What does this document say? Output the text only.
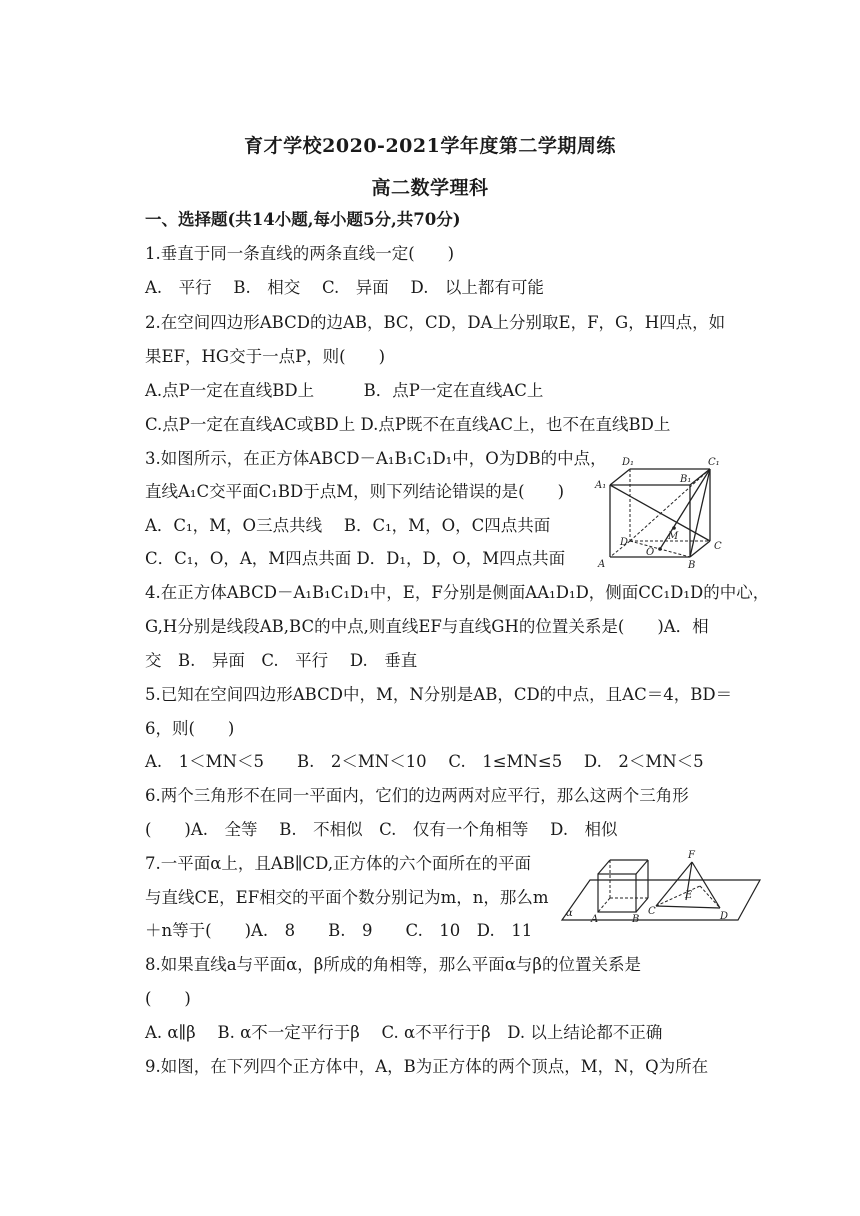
育才学校2020-2021学年度第二学期周练
高二数学理科
一、选择题(共14小题,每小题5分,共70分)
1.垂直于同一条直线的两条直线一定(　　)
A.　平行　 B.　相交　 C.　异面　 D.　以上都有可能
2.在空间四边形ABCD的边AB，BC，CD，DA上分别取E，F，G，H四点，如
果EF，HG交于一点P，则(　　)
A.点P一定在直线BD上　　　B．点P一定在直线AC上
C.点P一定在直线AC或BD上 D.点P既不在直线AC上，也不在直线BD上
3.如图所示，在正方体ABCD－A₁B₁C₁D₁中，O为DB的中点，
直线A₁C交平面C₁BD于点M，则下列结论错误的是(　　)
A．C₁，M，O三点共线　 B．C₁，M，O，C四点共面
C．C₁，O，A，M四点共面 D．D₁，D，O，M四点共面
4.在正方体ABCD－A₁B₁C₁D₁中，E，F分别是侧面AA₁D₁D，侧面CC₁D₁D的中心，
G,H分别是线段AB,BC的中点,则直线EF与直线GH的位置关系是(　　)A．相
交　B.　异面　C.　平行　 D.　垂直
5.已知在空间四边形ABCD中，M，N分别是AB，CD的中点，且AC＝4，BD＝
6，则(　　)
A.　1＜MN＜5　　B.　2＜MN＜10　 C.　1≤MN≤5　 D.　2＜MN＜5
6.两个三角形不在同一平面内，它们的边两两对应平行，那么这两个三角形
(　　)A.　全等　 B.　不相似　C.　仅有一个角相等　 D.　相似
7.一平面α上，且AB∥CD,正方体的六个面所在的平面
与直线CE，EF相交的平面个数分别记为m，n，那么m
＋n等于(　　)A.　8　　B.　9　　C.　10　D.　11
8.如果直线a与平面α，β所成的角相等，那么平面α与β的位置关系是
(　　)
A. α∥β　 B. α不一定平行于β　 C. α不平行于β　D. 以上结论都不正确
9.如图，在下列四个正方体中，A，B为正方体的两个顶点，M，N，Q为所在
D₁	C₁
A₁
B₁
D
O
M
C
A	B
F
E
C	D
A	B
α
